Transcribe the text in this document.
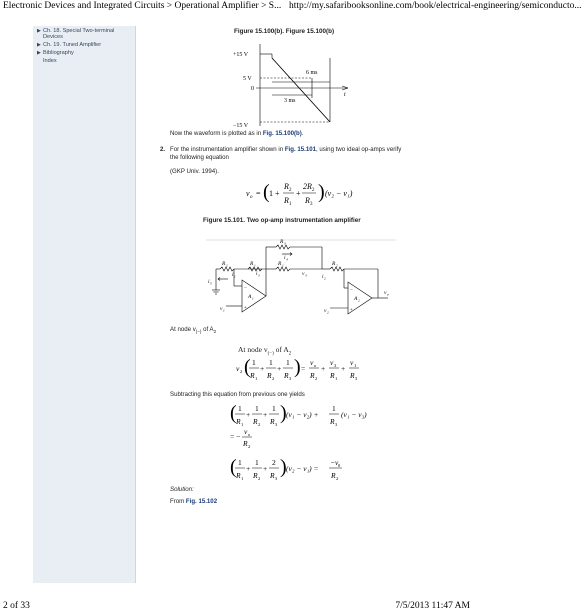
Electronic Devices and Integrated Circuits > Operational Amplifier > S... http://my.safaribooksonline.com/book/electrical-engineering/semiconducto...
▶ Ch. 18. Special Two-terminal Devices
▶ Ch. 19. Tuned Amplifier
▶ Bibliography
Index
Figure 15.100(b). Figure 15.100(b)
+15 V
5 V
0
−15 V
6 ms
3 ms
t
Now the waveform is plotted as in Fig. 15.100(b).
2. For the instrumentation amplifier shown in Fig. 15.101, using two ideal op-amps verify
the following equation
(GKP Univ. 1994).
v o = ( 1 +
R 2
R 1
+
2R 2
R 3
) (v₂ − v₁)
Figure 15.101. Two op-amp instrumentation amplifier
R 3
i 4
R 2	R 1	R 1	R 2
i 3	v 3
i 1	i 2
i 5
A 1	A 2
v 1	v 2
v o
−
+
−
+
At node $v_{(-)}$ of $A_2$
At node $v_{(-)}$ of $A_2$
v 2 ( 1
R 1
+
1
R 2
+
1
R 3
) =
v o
R 2
+
v 3
R 1
+
v 1
R 3
Subtracting this equation from previous one yields
( 1
R 1
+
1
R 2
+
1
R 3
) (v₁ − v₂) +
1
R 3
(v₁ − v₃)
= −
v o
R 2
( 1
R 1
+
1
R 2
+
2
R 3
) (v₂ − v₁) =
−v 0
R 2
Solution:
From Fig. 15.102
2 of 33	7/5/2013 11:47 AM
